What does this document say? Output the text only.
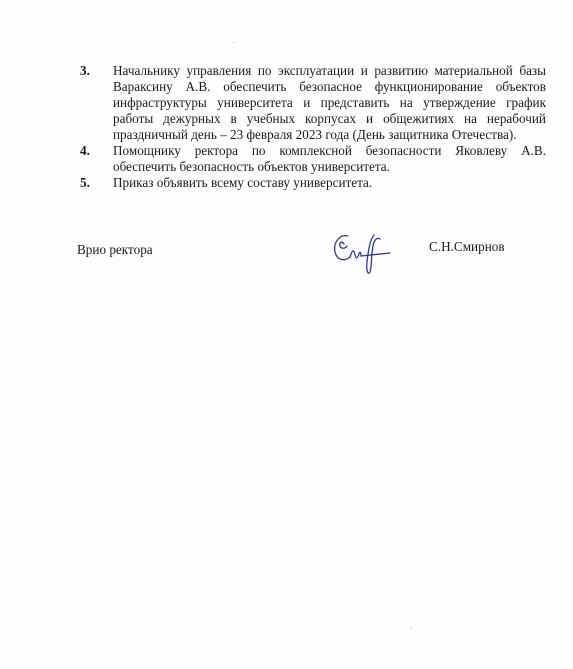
3.	Начальнику управления по эксплуатации и развитию материальной базы Вараксину А.В. обеспечить безопасное функционирование объектов инфраструктуры университета и представить на утверждение график работы дежурных в учебных корпусах и общежитиях на нерабочий праздничный день – 23 февраля 2023 года (День защитника Отечества).
4.	Помощнику ректора по комплексной безопасности Яковлеву А.В. обеспечить безопасность объектов университета.
5.	Приказ объявить всему составу университета.
Врио ректора	С.Н.Смирнов
